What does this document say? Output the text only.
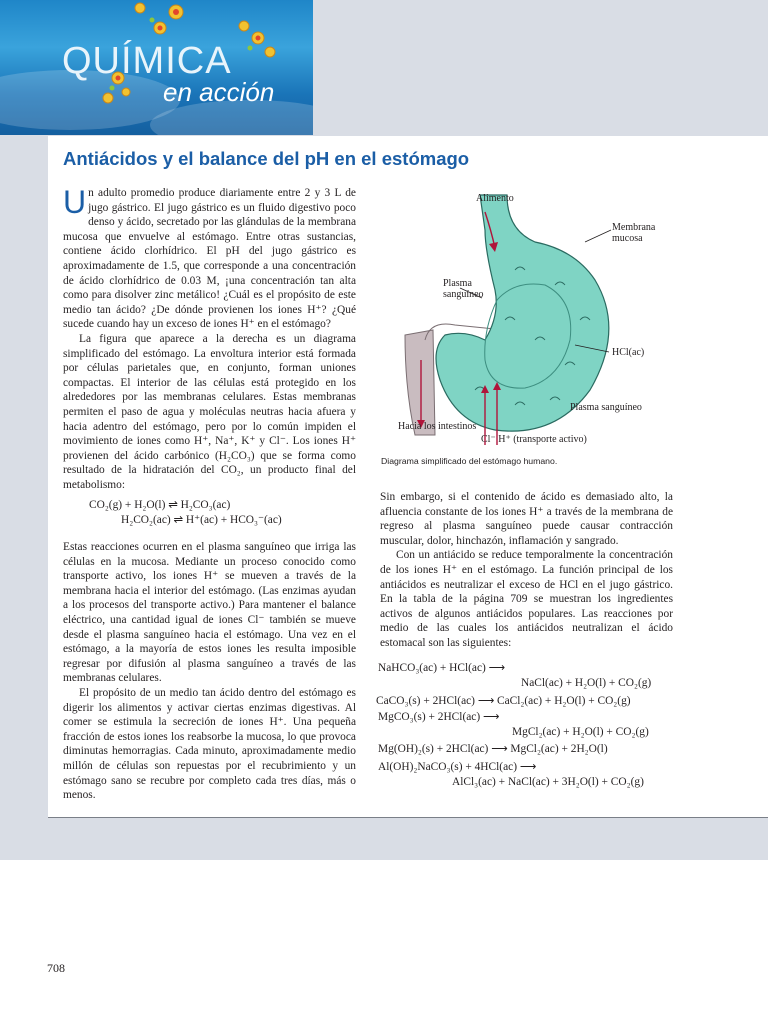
QUÍMICA
en acción
Antiácidos y el balance del pH en el estómago

Un adulto promedio produce diariamente entre 2 y 3 L de jugo gástrico. El jugo gástrico es un fluido digestivo poco denso y ácido, secretado por las glándulas de la membrana mucosa que envuelve al estómago. Entre otras sustancias, contiene ácido clorhídrico. El pH del jugo gástrico es aproximadamente de 1.5, que corresponde a una concentración de ácido clorhídrico de 0.03 M, ¡una concentración tan alta como para disolver zinc metálico! ¿Cuál es el propósito de este medio tan ácido? ¿De dónde provienen los iones H⁺? ¿Qué sucede cuando hay un exceso de iones H⁺ en el estómago?

La figura que aparece a la derecha es un diagrama simplificado del estómago. La envoltura interior está formada por células parietales que, en conjunto, forman uniones compactas. El interior de las células está protegido en los alrededores por las membranas celulares. Estas membranas permiten el paso de agua y moléculas neutras hacia afuera y hacia adentro del estómago, pero por lo común impiden el movimiento de iones como H⁺, Na⁺, K⁺ y Cl⁻. Los iones H⁺ provienen del ácido carbónico (H₂CO₃) que se forma como resultado de la hidratación del CO₂, un producto final del metabolismo:

CO₂(g) + H₂O(l) ⇌ H₂CO₃(ac)
H₂CO₂(ac) ⇌ H⁺(ac) + HCO₃⁻(ac)

Estas reacciones ocurren en el plasma sanguíneo que irriga las células en la mucosa. Mediante un proceso conocido como transporte activo, los iones H⁺ se mueven a través de la membrana hacia el interior del estómago. (Las enzimas ayudan a los procesos del transporte activo.) Para mantener el balance eléctrico, una cantidad igual de iones Cl⁻ también se mueve desde el plasma sanguíneo hacia el estómago. Una vez en el estómago, a la mayoría de estos iones les resulta imposible regresar por difusión al plasma sanguíneo a través de las membranas celulares.

El propósito de un medio tan ácido dentro del estómago es digerir los alimentos y activar ciertas enzimas digestivas. Al comer se estimula la secreción de iones H⁺. Una pequeña fracción de estos iones los reabsorbe la mucosa, lo que provoca diminutas hemorragias. Cada minuto, aproximadamente medio millón de células son repuestas por el recubrimiento y un estómago sano se recubre por completo cada tres días, más o menos.

Alimento
Membrana
mucosa
Plasma
sanguíneo
HCl(ac)
Plasma sanguíneo
Hacia los intestinos
Cl⁻ H⁺ (transporte activo)
Diagrama simplificado del estómago humano.

Sin embargo, si el contenido de ácido es demasiado alto, la afluencia constante de los iones H⁺ a través de la membrana de regreso al plasma sanguíneo puede causar contracción muscular, dolor, hinchazón, inflamación y sangrado.

Con un antiácido se reduce temporalmente la concentración de los iones H⁺ en el estómago. La función principal de los antiácidos es neutralizar el exceso de HCl en el jugo gástrico. En la tabla de la página 709 se muestran los ingredientes activos de algunos antiácidos populares. Las reacciones por medio de las cuales los antiácidos neutralizan el ácido estomacal son las siguientes:

NaHCO₃(ac) + HCl(ac) ⟶
NaCl(ac) + H₂O(l) + CO₂(g)
CaCO₃(s) + 2HCl(ac) ⟶ CaCl₂(ac) + H₂O(l) + CO₂(g)
MgCO₃(s) + 2HCl(ac) ⟶
MgCl₂(ac) + H₂O(l) + CO₂(g)
Mg(OH)₂(s) + 2HCl(ac) ⟶ MgCl₂(ac) + 2H₂O(l)
Al(OH)₂NaCO₃(s) + 4HCl(ac) ⟶
AlCl₃(ac) + NaCl(ac) + 3H₂O(l) + CO₂(g)
708
